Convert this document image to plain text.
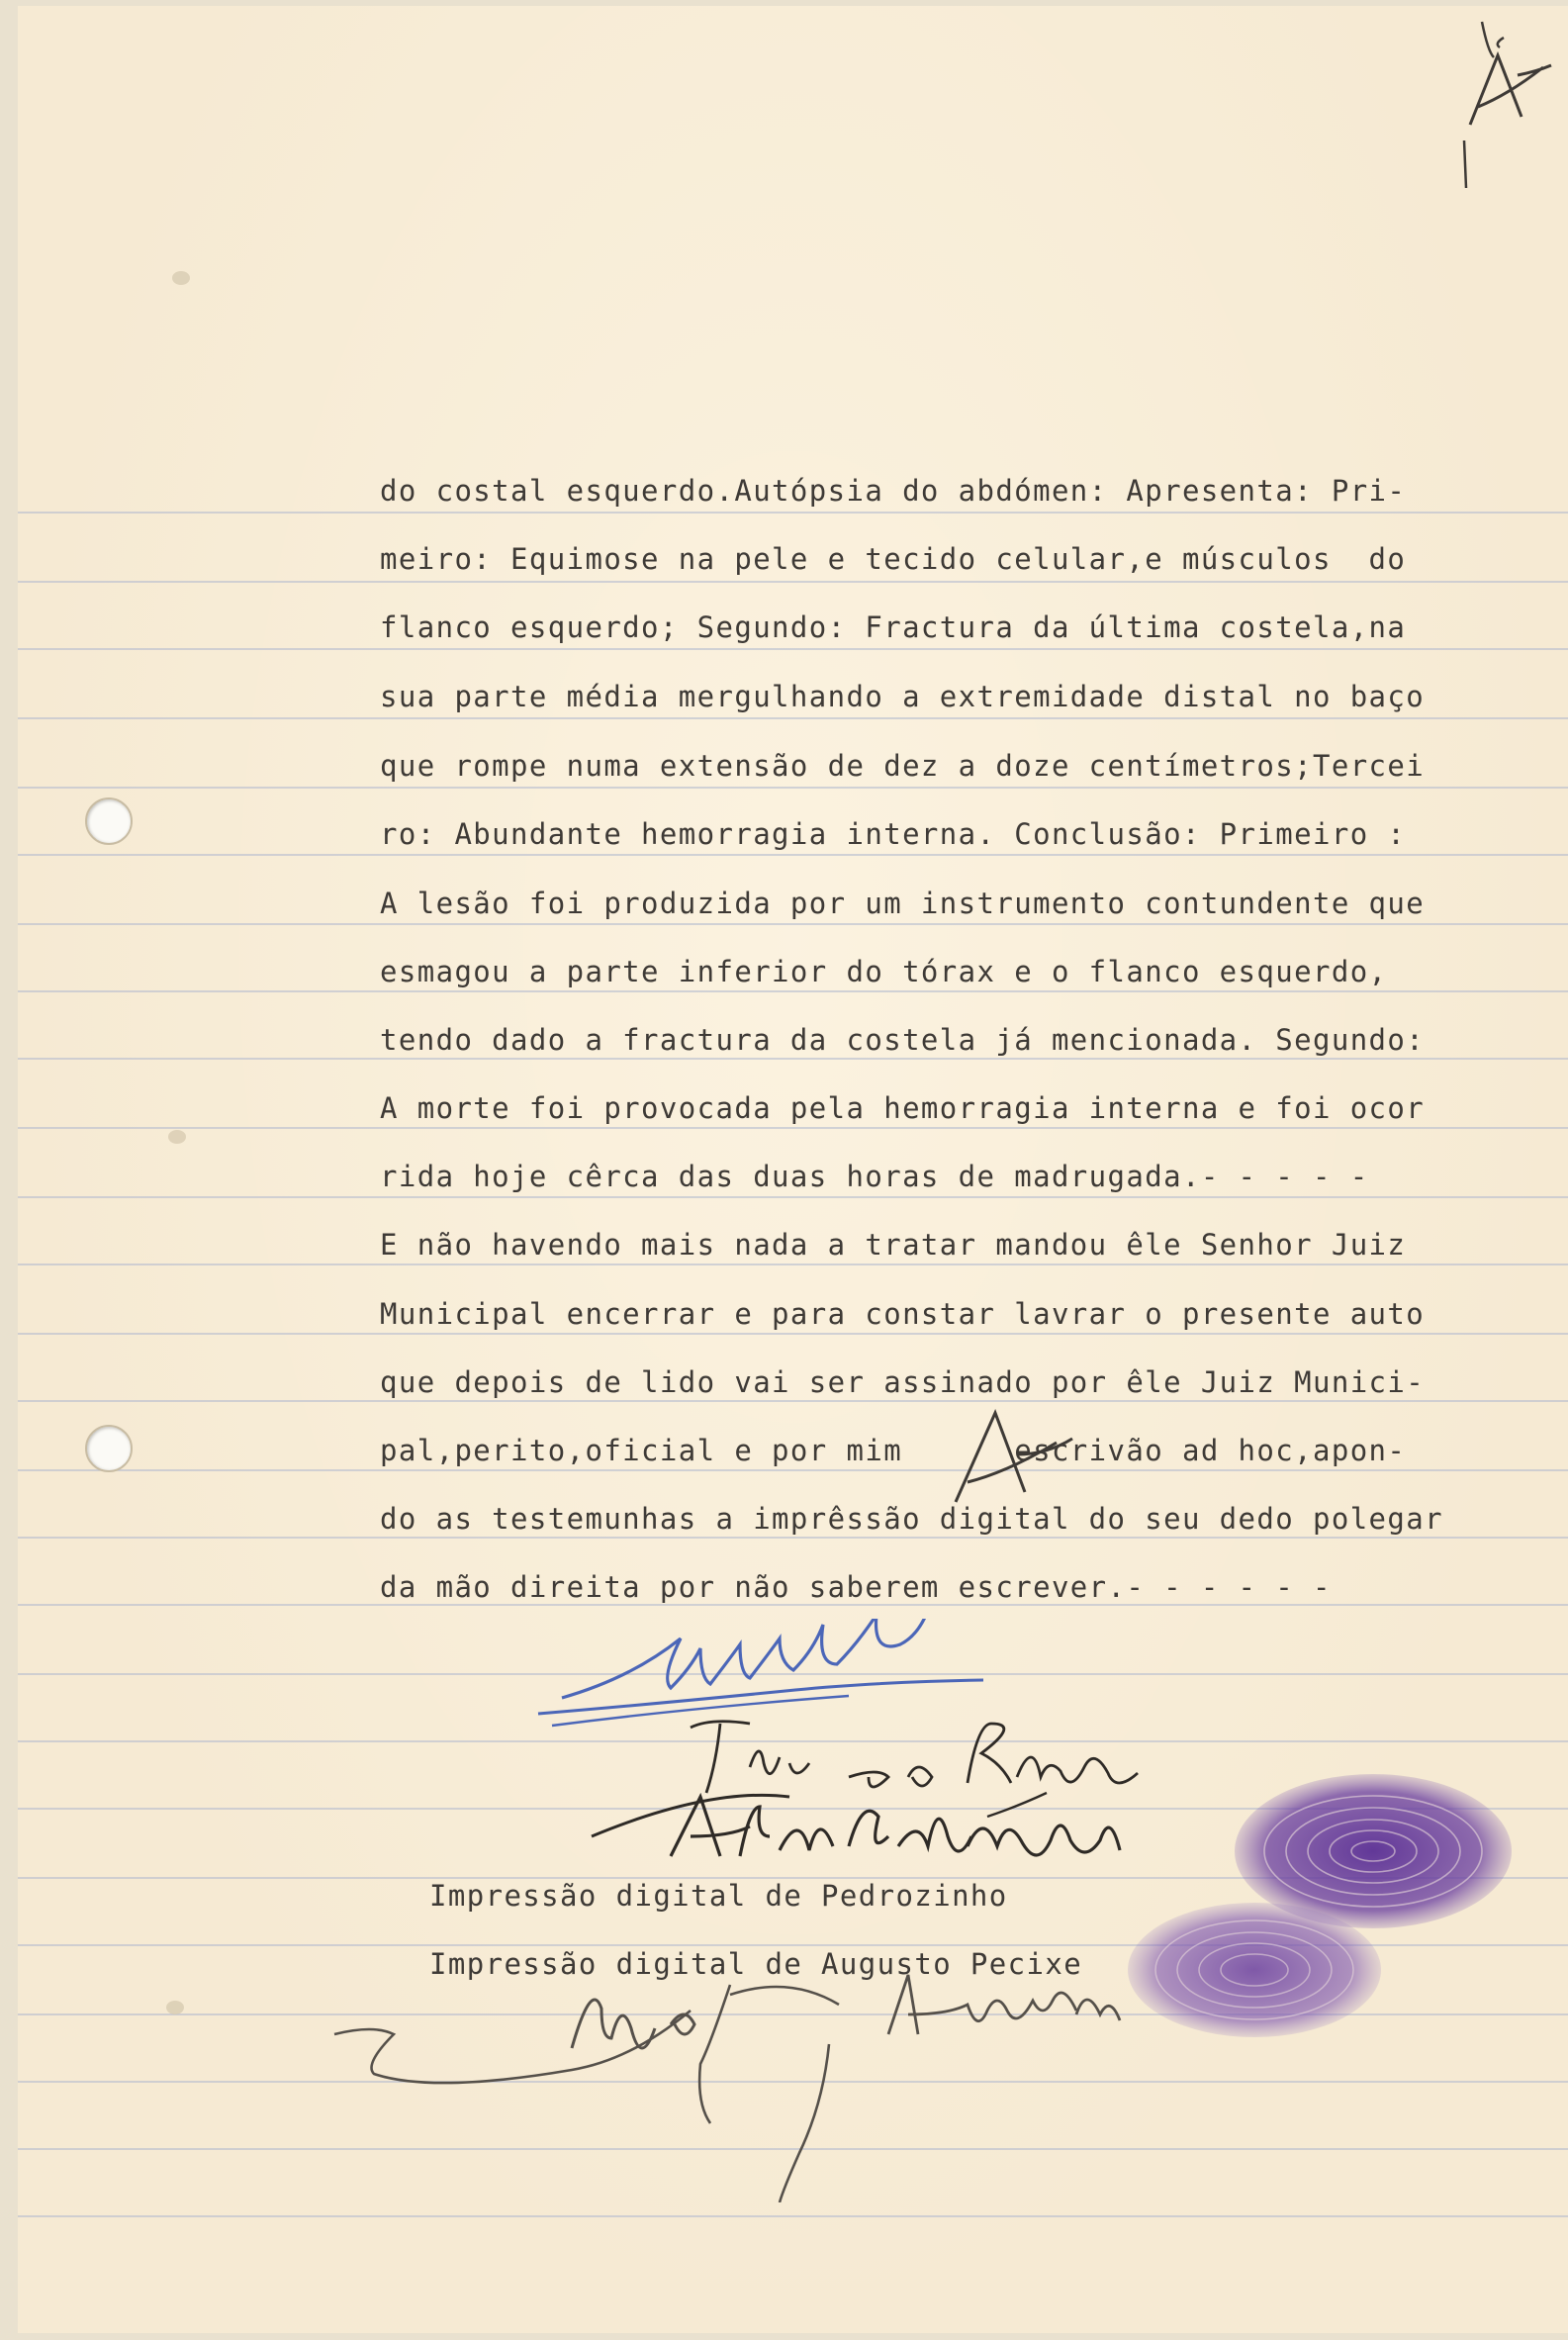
do costal esquerdo.Autópsia do abdómen: Apresenta: Pri-
meiro: Equimose na pele e tecido celular,e músculos  do
flanco esquerdo; Segundo: Fractura da última costela,na
sua parte média mergulhando a extremidade distal no baço
que rompe numa extensão de dez a doze centímetros;Tercei
ro: Abundante hemorragia interna. Conclusão: Primeiro :
A lesão foi produzida por um instrumento contundente que
esmagou a parte inferior do tórax e o flanco esquerdo,
tendo dado a fractura da costela já mencionada. Segundo:
A morte foi provocada pela hemorragia interna e foi ocor
rida hoje cêrca das duas horas de madrugada.- - - - -
E não havendo mais nada a tratar mandou êle Senhor Juiz
Municipal encerrar e para constar lavrar o presente auto
que depois de lido vai ser assinado por êle Juiz Munici-
pal,perito,oficial e por mim      escrivão ad hoc,apon-
do as testemunhas a imprêssão digital do seu dedo polegar
da mão direita por não saberem escrever.- - - - - -
Impressão digital de Pedrozinho
Impressão digital de Augusto Pecixe
